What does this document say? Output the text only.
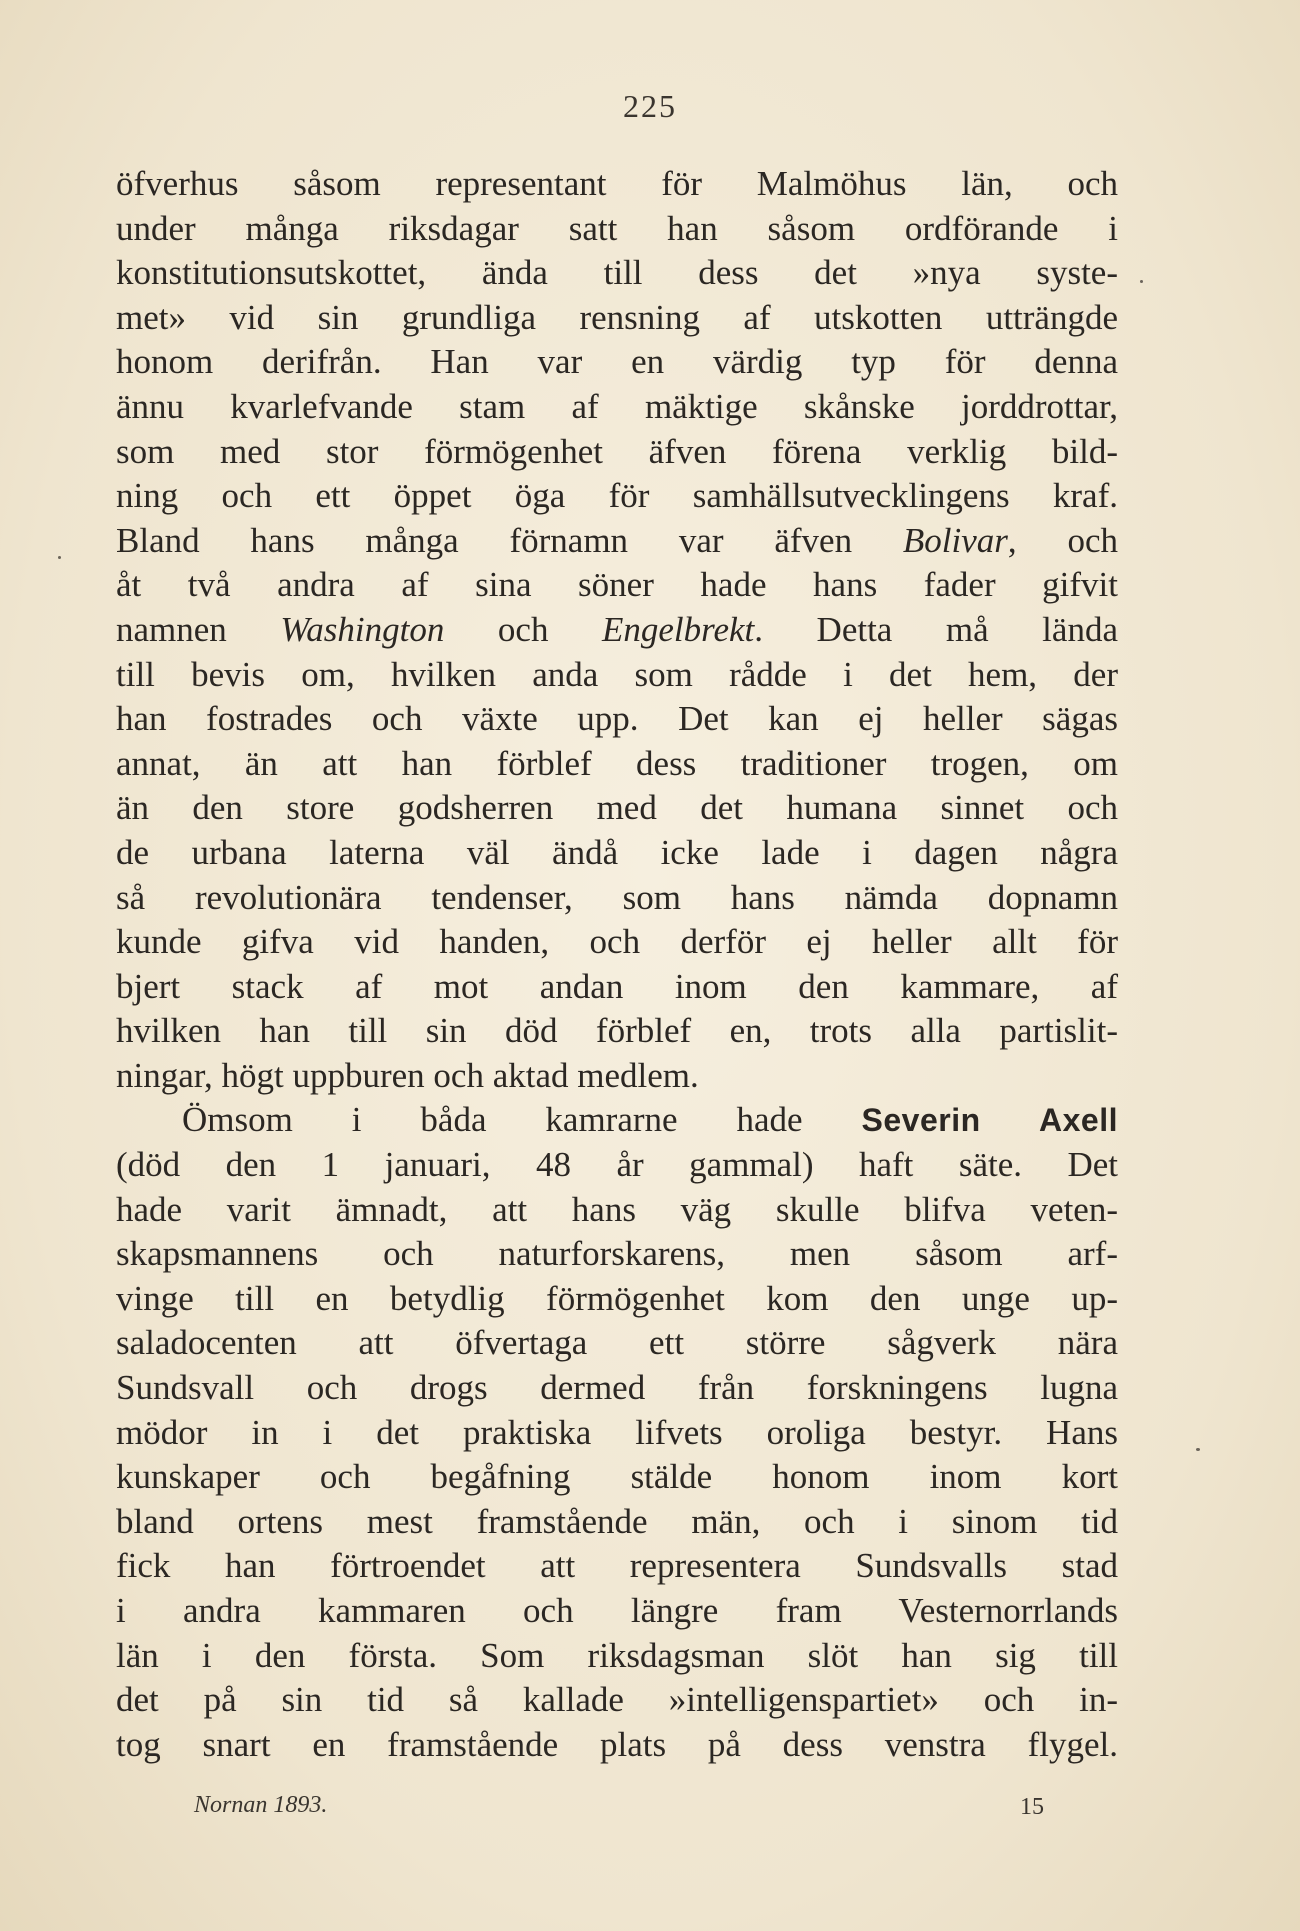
225
öfverhus såsom representant för Malmöhus län, och
under många riksdagar satt han såsom ordförande i
konstitutionsutskottet, ända till dess det »nya syste-
met» vid sin grundliga rensning af utskotten utträngde
honom derifrån. Han var en värdig typ för denna
ännu kvarlefvande stam af mäktige skånske jorddrottar,
som med stor förmögenhet äfven förena verklig bild-
ning och ett öppet öga för samhällsutvecklingens kraf.
Bland hans många förnamn var äfven Bolivar, och
åt två andra af sina söner hade hans fader gifvit
namnen Washington och Engelbrekt. Detta må lända
till bevis om, hvilken anda som rådde i det hem, der
han fostrades och växte upp. Det kan ej heller sägas
annat, än att han förblef dess traditioner trogen, om
än den store godsherren med det humana sinnet och
de urbana laterna väl ändå icke lade i dagen några
så revolutionära tendenser, som hans nämda dopnamn
kunde gifva vid handen, och derför ej heller allt för
bjert stack af mot andan inom den kammare, af
hvilken han till sin död förblef en, trots alla partislit-
ningar, högt uppburen och aktad medlem.
Ömsom i båda kamrarne hade Severin Axell
(död den 1 januari, 48 år gammal) haft säte. Det
hade varit ämnadt, att hans väg skulle blifva veten-
skapsmannens och naturforskarens, men såsom arf-
vinge till en betydlig förmögenhet kom den unge up-
saladocenten att öfvertaga ett större sågverk nära
Sundsvall och drogs dermed från forskningens lugna
mödor in i det praktiska lifvets oroliga bestyr. Hans
kunskaper och begåfning stälde honom inom kort
bland ortens mest framstående män, och i sinom tid
fick han förtroendet att representera Sundsvalls stad
i andra kammaren och längre fram Vesternorrlands
län i den första. Som riksdagsman slöt han sig till
det på sin tid så kallade »intelligenspartiet» och in-
tog snart en framstående plats på dess venstra flygel.
Nornan 1893.	15
